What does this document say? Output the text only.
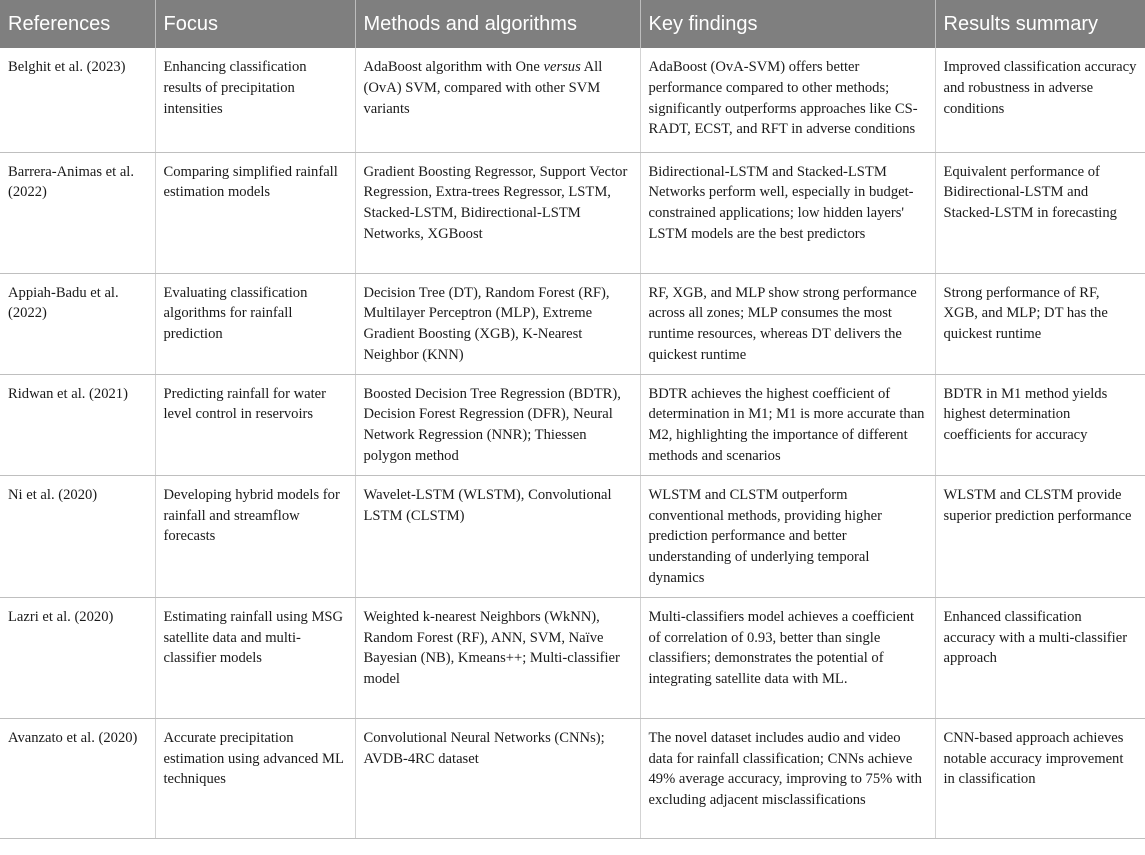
References	Focus	Methods and algorithms	Key findings	Results summary
Belghit et al. (2023)	Enhancing classification results of precipitation intensities	AdaBoost algorithm with One versus All (OvA) SVM, compared with other SVM variants	AdaBoost (OvA-SVM) offers better performance compared to other methods; significantly outperforms approaches like CS-RADT, ECST, and RFT in adverse conditions	Improved classification accuracy and robustness in adverse conditions
Barrera-Animas et al. (2022)	Comparing simplified rainfall estimation models	Gradient Boosting Regressor, Support Vector Regression, Extra-trees Regressor, LSTM, Stacked-LSTM, Bidirectional-LSTM Networks, XGBoost	Bidirectional-LSTM and Stacked-LSTM Networks perform well, especially in budget-constrained applications; low hidden layers' LSTM models are the best predictors	Equivalent performance of Bidirectional-LSTM and Stacked-LSTM in forecasting
Appiah-Badu et al. (2022)	Evaluating classification algorithms for rainfall prediction	Decision Tree (DT), Random Forest (RF), Multilayer Perceptron (MLP), Extreme Gradient Boosting (XGB), K-Nearest Neighbor (KNN)	RF, XGB, and MLP show strong performance across all zones; MLP consumes the most runtime resources, whereas DT delivers the quickest runtime	Strong performance of RF, XGB, and MLP; DT has the quickest runtime
Ridwan et al. (2021)	Predicting rainfall for water level control in reservoirs	Boosted Decision Tree Regression (BDTR), Decision Forest Regression (DFR), Neural Network Regression (NNR); Thiessen polygon method	BDTR achieves the highest coefficient of determination in M1; M1 is more accurate than M2, highlighting the importance of different methods and scenarios	BDTR in M1 method yields highest determination coefficients for accuracy
Ni et al. (2020)	Developing hybrid models for rainfall and streamflow forecasts	Wavelet-LSTM (WLSTM), Convolutional LSTM (CLSTM)	WLSTM and CLSTM outperform conventional methods, providing higher prediction performance and better understanding of underlying temporal dynamics	WLSTM and CLSTM provide superior prediction performance
Lazri et al. (2020)	Estimating rainfall using MSG satellite data and multi-classifier models	Weighted k-nearest Neighbors (WkNN), Random Forest (RF), ANN, SVM, Naïve Bayesian (NB), Kmeans++; Multi-classifier model	Multi-classifiers model achieves a coefficient of correlation of 0.93, better than single classifiers; demonstrates the potential of integrating satellite data with ML.	Enhanced classification accuracy with a multi-classifier approach
Avanzato et al. (2020)	Accurate precipitation estimation using advanced ML techniques	Convolutional Neural Networks (CNNs); AVDB-4RC dataset	The novel dataset includes audio and video data for rainfall classification; CNNs achieve 49% average accuracy, improving to 75% with excluding adjacent misclassifications	CNN-based approach achieves notable accuracy improvement in classification
